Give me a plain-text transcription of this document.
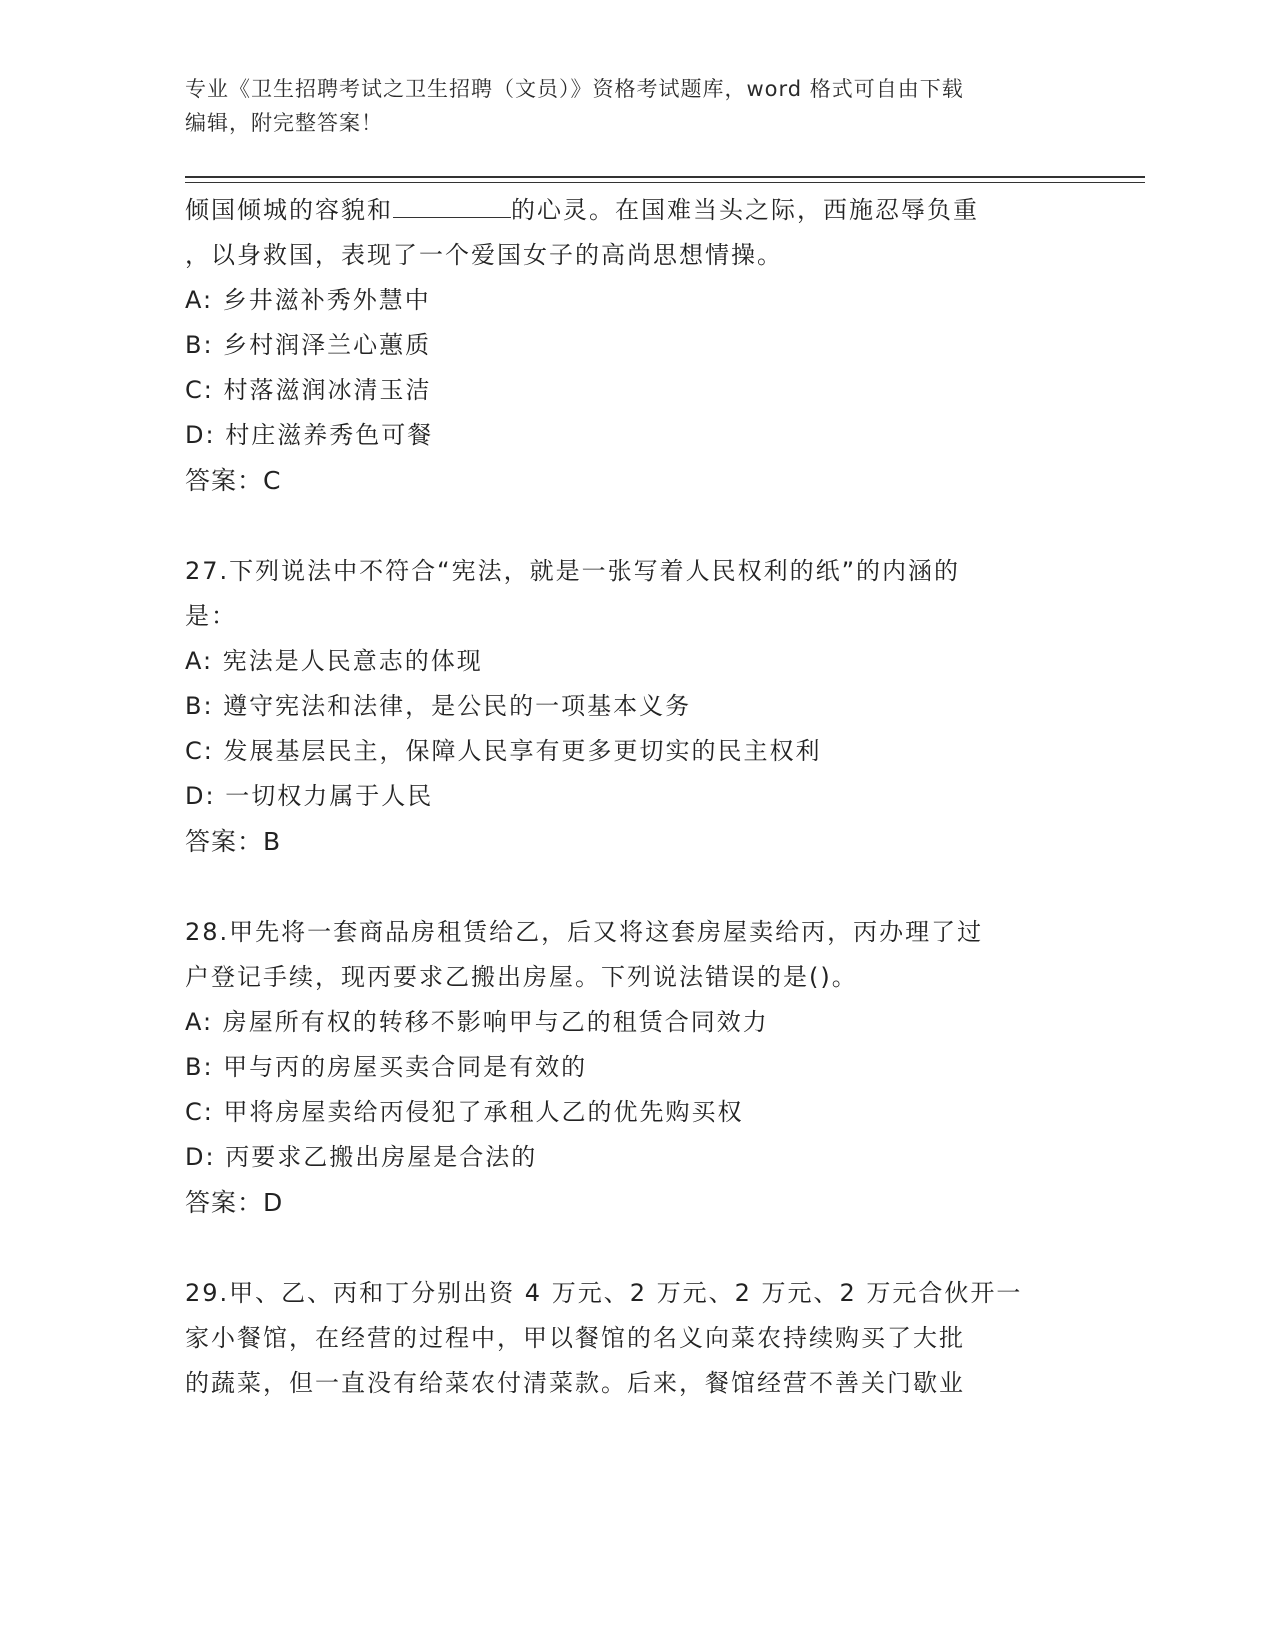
专业《卫生招聘考试之卫生招聘（文员）》资格考试题库，word 格式可自由下载
编辑，附完整答案！
倾国倾城的容貌和	的心灵。在国难当头之际，西施忍辱负重
，以身救国，表现了一个爱国女子的高尚思想情操。
A: 乡井滋补秀外慧中
B: 乡村润泽兰心蕙质
C: 村落滋润冰清玉洁
D: 村庄滋养秀色可餐
答案：C
27.下列说法中不符合“宪法，就是一张写着人民权利的纸”的内涵的
是：
A: 宪法是人民意志的体现
B: 遵守宪法和法律，是公民的一项基本义务
C: 发展基层民主，保障人民享有更多更切实的民主权利
D: 一切权力属于人民
答案：B
28.甲先将一套商品房租赁给乙，后又将这套房屋卖给丙，丙办理了过
户登记手续，现丙要求乙搬出房屋。下列说法错误的是()。
A: 房屋所有权的转移不影响甲与乙的租赁合同效力
B: 甲与丙的房屋买卖合同是有效的
C: 甲将房屋卖给丙侵犯了承租人乙的优先购买权
D: 丙要求乙搬出房屋是合法的
答案：D
29.甲、乙、丙和丁分别出资 4 万元、2 万元、2 万元、2 万元合伙开一
家小餐馆，在经营的过程中，甲以餐馆的名义向菜农持续购买了大批
的蔬菜，但一直没有给菜农付清菜款。后来，餐馆经营不善关门歇业
